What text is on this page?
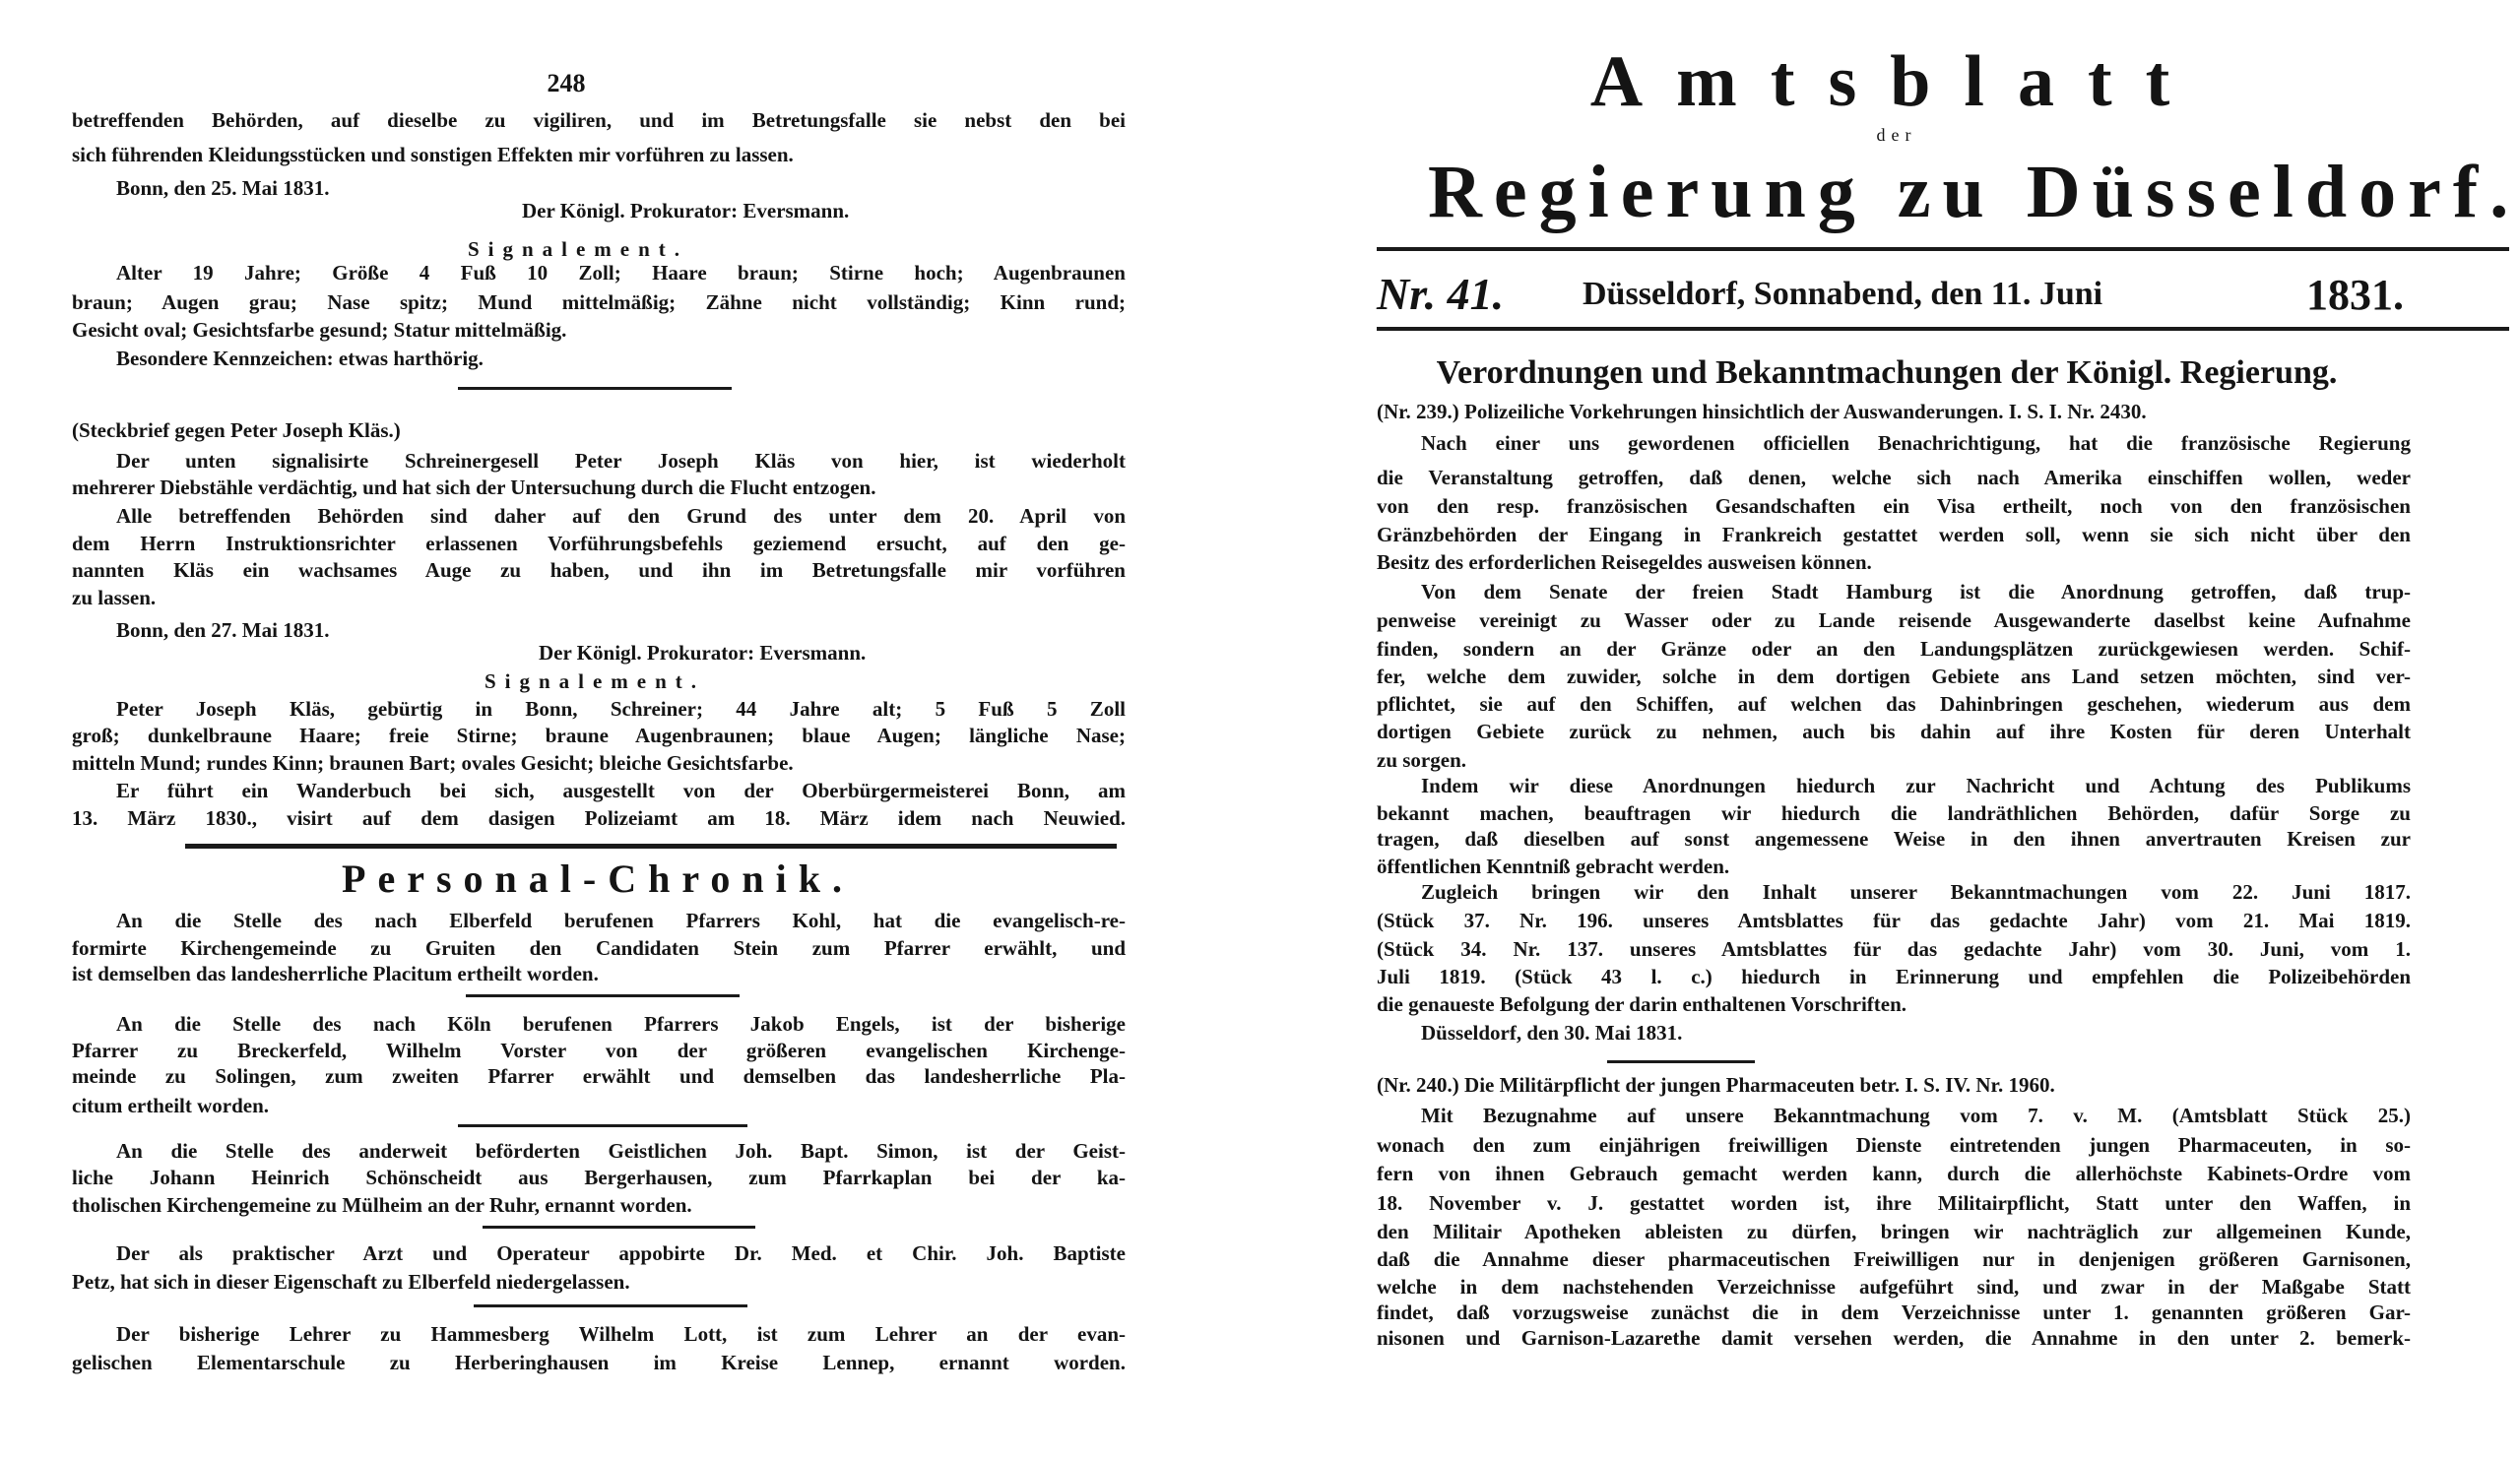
248
betreffenden Behörden, auf dieselbe zu vigiliren, und im Betretungsfalle sie nebst den bei
sich führenden Kleidungsstücken und sonstigen Effekten mir vorführen zu lassen.
Bonn, den 25. Mai 1831.
Der Königl. Prokurator: Eversmann.
Signalement.
Alter 19 Jahre; Größe 4 Fuß 10 Zoll; Haare braun; Stirne hoch; Augenbraunen
braun; Augen grau; Nase spitz; Mund mittelmäßig; Zähne nicht vollständig; Kinn rund;
Gesicht oval; Gesichtsfarbe gesund; Statur mittelmäßig.
Besondere Kennzeichen: etwas harthörig.
(Steckbrief gegen Peter Joseph Kläs.)
Der unten signalisirte Schreinergesell Peter Joseph Kläs von hier, ist wiederholt
mehrerer Diebstähle verdächtig, und hat sich der Untersuchung durch die Flucht entzogen.
Alle betreffenden Behörden sind daher auf den Grund des unter dem 20. April von
dem Herrn Instruktionsrichter erlassenen Vorführungsbefehls geziemend ersucht, auf den ge-
nannten Kläs ein wachsames Auge zu haben, und ihn im Betretungsfalle mir vorführen
zu lassen.
Bonn, den 27. Mai 1831.
Der Königl. Prokurator: Eversmann.
Signalement.
Peter Joseph Kläs, gebürtig in Bonn, Schreiner; 44 Jahre alt; 5 Fuß 5 Zoll
groß; dunkelbraune Haare; freie Stirne; braune Augenbraunen; blaue Augen; längliche Nase;
mitteln Mund; rundes Kinn; braunen Bart; ovales Gesicht; bleiche Gesichtsfarbe.
Er führt ein Wanderbuch bei sich, ausgestellt von der Oberbürgermeisterei Bonn, am
13. März 1830., visirt auf dem dasigen Polizeiamt am 18. März idem nach Neuwied.
Personal-Chronik.
An die Stelle des nach Elberfeld berufenen Pfarrers Kohl, hat die evangelisch-re-
formirte Kirchengemeinde zu Gruiten den Candidaten Stein zum Pfarrer erwählt, und
ist demselben das landesherrliche Placitum ertheilt worden.
An die Stelle des nach Köln berufenen Pfarrers Jakob Engels, ist der bisherige
Pfarrer zu Breckerfeld, Wilhelm Vorster von der größeren evangelischen Kirchenge-
meinde zu Solingen, zum zweiten Pfarrer erwählt und demselben das landesherrliche Pla-
citum ertheilt worden.
An die Stelle des anderweit beförderten Geistlichen Joh. Bapt. Simon, ist der Geist-
liche Johann Heinrich Schönscheidt aus Bergerhausen, zum Pfarrkaplan bei der ka-
tholischen Kirchengemeine zu Mülheim an der Ruhr, ernannt worden.
Der als praktischer Arzt und Operateur appobirte Dr. Med. et Chir. Joh. Baptiste
Petz, hat sich in dieser Eigenschaft zu Elberfeld niedergelassen.
Der bisherige Lehrer zu Hammesberg Wilhelm Lott, ist zum Lehrer an der evan-
gelischen Elementarschule zu Herberinghausen im Kreise Lennep, ernannt worden.
Amtsblatt
der
Regierung zu Düsseldorf.
Nr. 41. Düsseldorf, Sonnabend, den 11. Juni	1831.
Verordnungen und Bekanntmachungen der Königl. Regierung.
(Nr. 239.) Polizeiliche Vorkehrungen hinsichtlich der Auswanderungen. I. S. I. Nr. 2430.
Nach einer uns gewordenen officiellen Benachrichtigung, hat die französische Regierung
die Veranstaltung getroffen, daß denen, welche sich nach Amerika einschiffen wollen, weder
von den resp. französischen Gesandschaften ein Visa ertheilt, noch von den französischen
Gränzbehörden der Eingang in Frankreich gestattet werden soll, wenn sie sich nicht über den
Besitz des erforderlichen Reisegeldes ausweisen können.
Von dem Senate der freien Stadt Hamburg ist die Anordnung getroffen, daß trup-
penweise vereinigt zu Wasser oder zu Lande reisende Ausgewanderte daselbst keine Aufnahme
finden, sondern an der Gränze oder an den Landungsplätzen zurückgewiesen werden. Schif-
fer, welche dem zuwider, solche in dem dortigen Gebiete ans Land setzen möchten, sind ver-
pflichtet, sie auf den Schiffen, auf welchen das Dahinbringen geschehen, wiederum aus dem
dortigen Gebiete zurück zu nehmen, auch bis dahin auf ihre Kosten für deren Unterhalt
zu sorgen.
Indem wir diese Anordnungen hiedurch zur Nachricht und Achtung des Publikums
bekannt machen, beauftragen wir hiedurch die landräthlichen Behörden, dafür Sorge zu
tragen, daß dieselben auf sonst angemessene Weise in den ihnen anvertrauten Kreisen zur
öffentlichen Kenntniß gebracht werden.
Zugleich bringen wir den Inhalt unserer Bekanntmachungen vom 22. Juni 1817.
(Stück 37. Nr. 196. unseres Amtsblattes für das gedachte Jahr) vom 21. Mai 1819.
(Stück 34. Nr. 137. unseres Amtsblattes für das gedachte Jahr) vom 30. Juni, vom 1.
Juli 1819. (Stück 43 l. c.) hiedurch in Erinnerung und empfehlen die Polizeibehörden
die genaueste Befolgung der darin enthaltenen Vorschriften.
Düsseldorf, den 30. Mai 1831.
(Nr. 240.) Die Militärpflicht der jungen Pharmaceuten betr. I. S. IV. Nr. 1960.
Mit Bezugnahme auf unsere Bekanntmachung vom 7. v. M. (Amtsblatt Stück 25.)
wonach den zum einjährigen freiwilligen Dienste eintretenden jungen Pharmaceuten, in so-
fern von ihnen Gebrauch gemacht werden kann, durch die allerhöchste Kabinets-Ordre vom
18. November v. J. gestattet worden ist, ihre Militairpflicht, Statt unter den Waffen, in
den Militair Apotheken ableisten zu dürfen, bringen wir nachträglich zur allgemeinen Kunde,
daß die Annahme dieser pharmaceutischen Freiwilligen nur in denjenigen größeren Garnisonen,
welche in dem nachstehenden Verzeichnisse aufgeführt sind, und zwar in der Maßgabe Statt
findet, daß vorzugsweise zunächst die in dem Verzeichnisse unter 1. genannten größeren Gar-
nisonen und Garnison-Lazarethe damit versehen werden, die Annahme in den unter 2. bemerk-
